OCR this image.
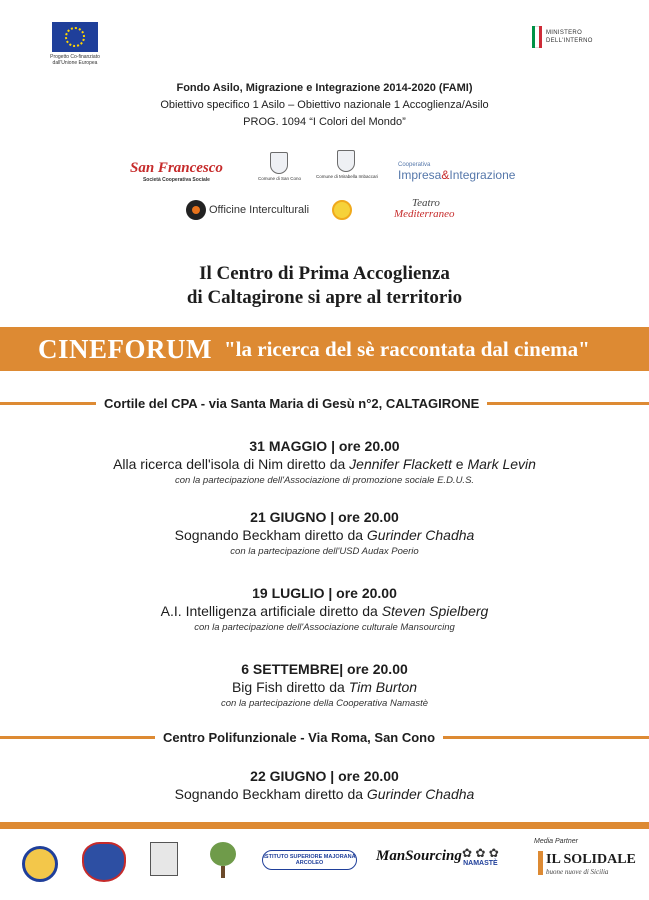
Progetto Co-finanziato dall'Unione Europea
MINISTERO DELL'INTERNO
Fondo Asilo, Migrazione e Integrazione 2014-2020 (FAMI)
Obiettivo specifico 1 Asilo – Obiettivo nazionale 1 Accoglienza/Asilo
PROG. 1094 “I Colori del Mondo”
San Francesco
Società Cooperativa Sociale	Comune di San Cono	Comune di Mirabella Imbaccari
Cooperativa
Impresa&Integrazione
Officine Interculturali
Teatro
Mediterraneo
Il Centro di Prima Accoglienza
di Caltagirone si apre al territorio
CINEFORUM "la ricerca del sè raccontata dal cinema"
Cortile del CPA - via Santa Maria di Gesù n°2, CALTAGIRONE
31 MAGGIO | ore 20.00
Alla ricerca dell'isola di Nim diretto da Jennifer Flackett e Mark Levin
con la partecipazione dell'Associazione di promozione sociale E.D.U.S.
21 GIUGNO | ore 20.00
Sognando Beckham diretto da Gurinder Chadha
con la partecipazione dell'USD Audax Poerio
19 LUGLIO | ore 20.00
A.I. Intelligenza artificiale diretto da Steven Spielberg
con la partecipazione dell'Associazione culturale Mansourcing
6 SETTEMBRE| ore 20.00
Big Fish diretto da Tim Burton
con la partecipazione della Cooperativa Namastè
Centro Polifunzionale - Via Roma, San Cono
22 GIUGNO | ore 20.00
Sognando Beckham diretto da Gurinder Chadha
ISTITUTO SUPERIORE MAJORANA ARCOLEO	ManSourcing ✿ ✿ ✿
NAMASTÈ
Media Partner
IL SOLIDALE
buone nuove di Sicilia
